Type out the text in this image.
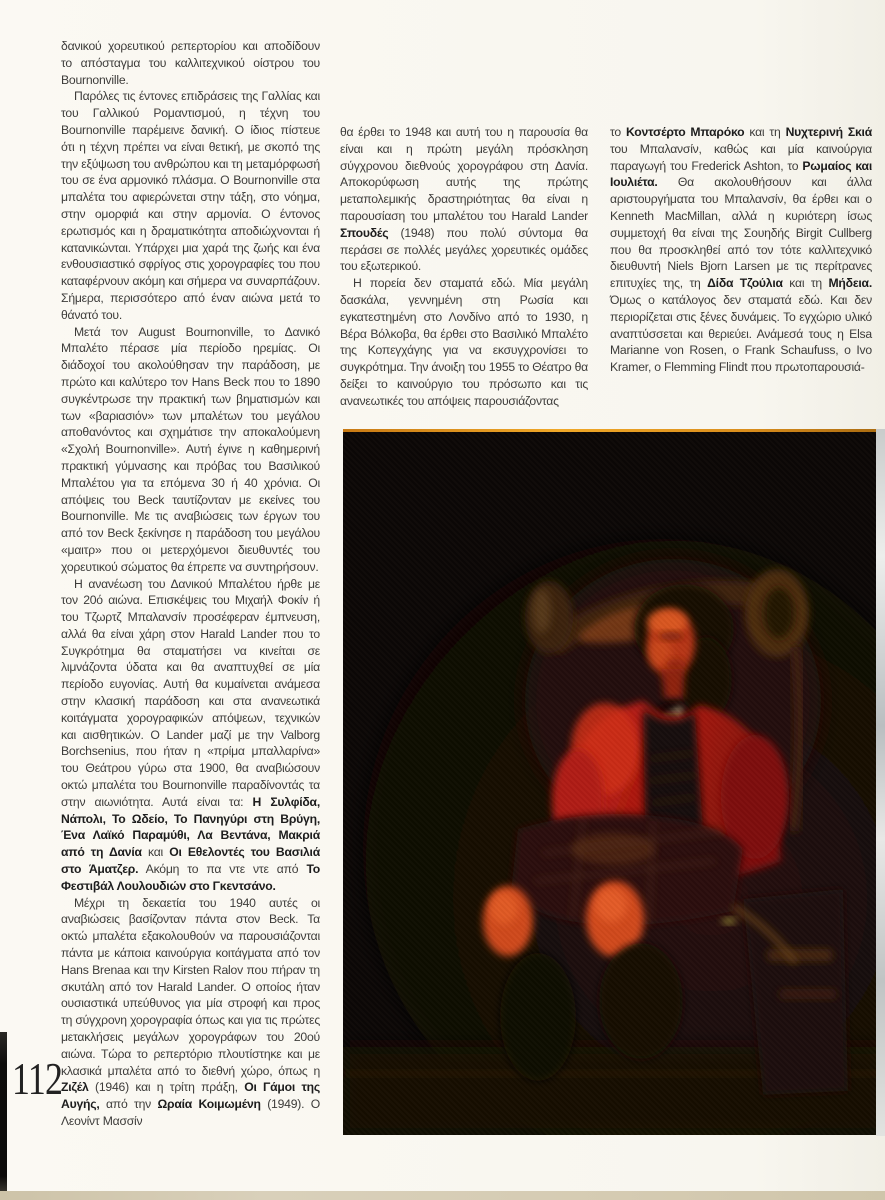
δανικού χορευτικού ρεπερτορίου και αποδίδουν το απόσταγμα του καλλιτεχνικού οίστρου του Bournonville.

Παρόλες τις έντονες επιδράσεις της Γαλλίας και του Γαλλικού Ρομαντισμού, η τέχνη του Bournonville παρέμεινε δανική. Ο ίδιος πίστευε ότι η τέχνη πρέπει να είναι θετική, με σκοπό της την εξύψωση του ανθρώπου και τη μεταμόρφωσή του σε ένα αρμονικό πλάσμα. Ο Bournonville στα μπαλέτα του αφιερώνεται στην τάξη, στο νόημα, στην ομορφιά και στην αρμονία. Ο έντονος ερωτισμός και η δραματικότητα αποδιώχνονται ή κατανικώνται. Υπάρχει μια χαρά της ζωής και ένα ενθουσιαστικό σφρίγος στις χορογραφίες του που καταφέρνουν ακόμη και σήμερα να συναρπάζουν. Σήμερα, περισσότερο από έναν αιώνα μετά το θάνατό του.

Μετά τον August Bournonville, το Δανικό Μπαλέτο πέρασε μία περίοδο ηρεμίας. Οι διάδοχοί του ακολούθησαν την παράδοση, με πρώτο και καλύτερο τον Hans Beck που το 1890 συγκέντρωσε την πρακτική των βηματισμών και των «βαριασιόν» των μπαλέτων του μεγάλου αποθανόντος και σχημάτισε την αποκαλούμενη «Σχολή Bournonville». Αυτή έγινε η καθημερινή πρακτική γύμνασης και πρόβας του Βασιλικού Μπαλέτου για τα επόμενα 30 ή 40 χρόνια. Οι απόψεις του Beck ταυτίζονταν με εκείνες του Bournonville. Με τις αναβιώσεις των έργων του από τον Beck ξεκίνησε η παράδοση του μεγάλου «μαιτρ» που οι μετερχόμενοι διευθυντές του χορευτικού σώματος θα έπρεπε να συντηρήσουν.

Η ανανέωση του Δανικού Μπαλέτου ήρθε με τον 20ό αιώνα. Επισκέψεις του Μιχαήλ Φοκίν ή του Τζωρτζ Μπαλανσίν προσέφεραν έμπνευση, αλλά θα είναι χάρη στον Harald Lander που το Συγκρότημα θα σταματήσει να κινείται σε λιμνάζοντα ύδατα και θα αναπτυχθεί σε μία περίοδο ευγονίας. Αυτή θα κυμαίνεται ανάμεσα στην κλασική παράδοση και στα ανανεωτικά κοιτάγματα χορογραφικών απόψεων, τεχνικών και αισθητικών. Ο Lander μαζί με την Valborg Borchsenius, που ήταν η «πρίμα μπαλλαρίνα» του Θεάτρου γύρω στα 1900, θα αναβιώσουν οκτώ μπαλέτα του Bournonville παραδίνοντάς τα στην αιωνιότητα. Αυτά είναι τα: Η Συλφίδα, Νάπολι, Το Ωδείο, Το Πανηγύρι στη Βρύγη, Ένα Λαϊκό Παραμύθι, Λα Βεντάνα, Μακριά από τη Δανία και Οι Εθελοντές του Βασιλιά στο Άματζερ. Ακόμη το πα ντε ντε από Το Φεστιβάλ Λουλουδιών στο Γκεντσάνο.

Μέχρι τη δεκαετία του 1940 αυτές οι αναβιώσεις βασίζονταν πάντα στον Beck. Τα οκτώ μπαλέτα εξακολουθούν να παρουσιάζονται πάντα με κάποια καινούργια κοιτάγματα από τον Hans Brenaa και την Kirsten Ralov που πήραν τη σκυτάλη από τον Harald Lander. Ο οποίος ήταν ουσιαστικά υπεύθυνος για μία στροφή και προς τη σύγχρονη χορογραφία όπως και για τις πρώτες μετακλήσεις μεγάλων χορογράφων του 20ού αιώνα. Τώρα το ρεπερτόριο πλουτίστηκε και με κλασικά μπαλέτα από το διεθνή χώρο, όπως η Ζιζέλ (1946) και η τρίτη πράξη, Οι Γάμοι της Αυγής, από την Ωραία Κοιμωμένη (1949). Ο Λεονίντ Μασσίν

θα έρθει το 1948 και αυτή του η παρουσία θα είναι και η πρώτη μεγάλη πρόσκληση σύγχρονου διεθνούς χορογράφου στη Δανία. Αποκορύφωση αυτής της πρώτης μεταπολεμικής δραστηριότητας θα είναι η παρουσίαση του μπαλέτου του Harald Lander Σπουδές (1948) που πολύ σύντομα θα περάσει σε πολλές μεγάλες χορευτικές ομάδες του εξωτερικού.

Η πορεία δεν σταματά εδώ. Μία μεγάλη δασκάλα, γεννημένη στη Ρωσία και εγκατεστημένη στο Λονδίνο από το 1930, η Βέρα Βόλκοβα, θα έρθει στο Βασιλικό Μπαλέτο της Κοπεγχάγης για να εκσυγχρονίσει το συγκρότημα. Την άνοιξη του 1955 το Θέατρο θα δείξει το καινούργιο του πρόσωπο και τις ανανεωτικές του απόψεις παρουσιάζοντας

το Κοντσέρτο Μπαρόκο και τη Νυχτερινή Σκιά του Μπαλανσίν, καθώς και μία καινούργια παραγωγή του Frederick Ashton, το Ρωμαίος και Ιουλιέτα. Θα ακολουθήσουν και άλλα αριστουργήματα του Μπαλανσίν, θα έρθει και ο Kenneth MacMillan, αλλά η κυριότερη ίσως συμμετοχή θα είναι της Σουηδής Birgit Cullberg που θα προσκληθεί από τον τότε καλλιτεχνικό διευθυντή Niels Bjorn Larsen με τις περίτρανες επιτυχίες της, τη Δίδα Τζούλια και τη Μήδεια. Όμως ο κατάλογος δεν σταματά εδώ. Και δεν περιορίζεται στις ξένες δυνάμεις. Το εγχώριο υλικό αναπτύσσεται και θεριεύει. Ανάμεσά τους η Elsa Marianne von Rosen, ο Frank Schaufuss, ο Ivo Kramer, ο Flemming Flindt που πρωτοπαρουσιά-

112
